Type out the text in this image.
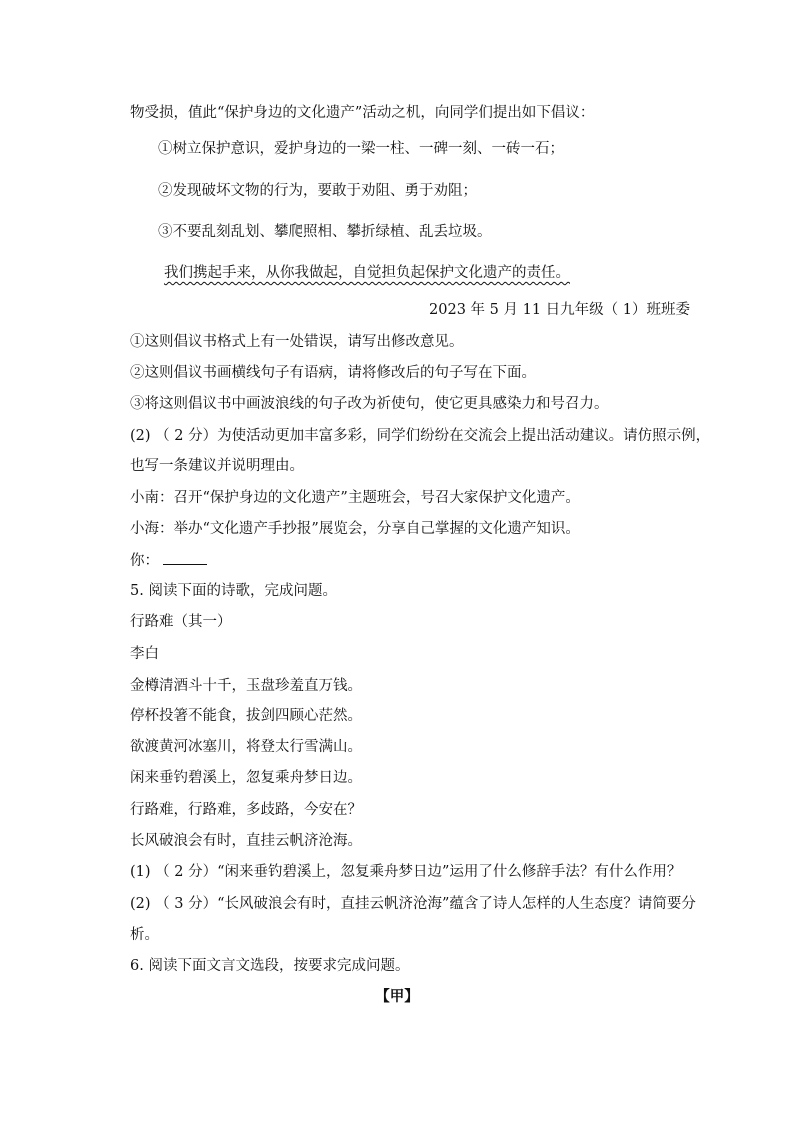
物受损，值此“保护身边的文化遗产”活动之机，向同学们提出如下倡议：
①树立保护意识，爱护身边的一梁一柱、一碑一刻、一砖一石；
②发现破坏文物的行为，要敢于劝阻、勇于劝阻；
③不要乱刻乱划、攀爬照相、攀折绿植、乱丢垃圾。
我们携起手来，从你我做起，自觉担负起保护文化遗产的责任。
2023 年 5 月 11 日九年级（ 1）班班委
①这则倡议书格式上有一处错误，请写出修改意见。
②这则倡议书画横线句子有语病，请将修改后的句子写在下面。
③将这则倡议书中画波浪线的句子改为祈使句，使它更具感染力和号召力。
(2) （ 2 分）为使活动更加丰富多彩，同学们纷纷在交流会上提出活动建议。请仿照示例，
也写一条建议并说明理由。
小南：召开“保护身边的文化遗产”主题班会，号召大家保护文化遗产。
小海：举办“文化遗产手抄报”展览会，分享自己掌握的文化遗产知识。
你：
5. 阅读下面的诗歌，完成问题。
行路难（其一）
李白
金樽清酒斗十千，玉盘珍羞直万钱。
停杯投箸不能食，拔剑四顾心茫然。
欲渡黄河冰塞川，将登太行雪满山。
闲来垂钓碧溪上，忽复乘舟梦日边。
行路难，行路难，多歧路，今安在？
长风破浪会有时，直挂云帆济沧海。
(1) （ 2 分）“闲来垂钓碧溪上，忽复乘舟梦日边”运用了什么修辞手法？有什么作用？
(2) （ 3 分）“长风破浪会有时，直挂云帆济沧海”蕴含了诗人怎样的人生态度？请简要分
析。
6. 阅读下面文言文选段，按要求完成问题。
【甲】
